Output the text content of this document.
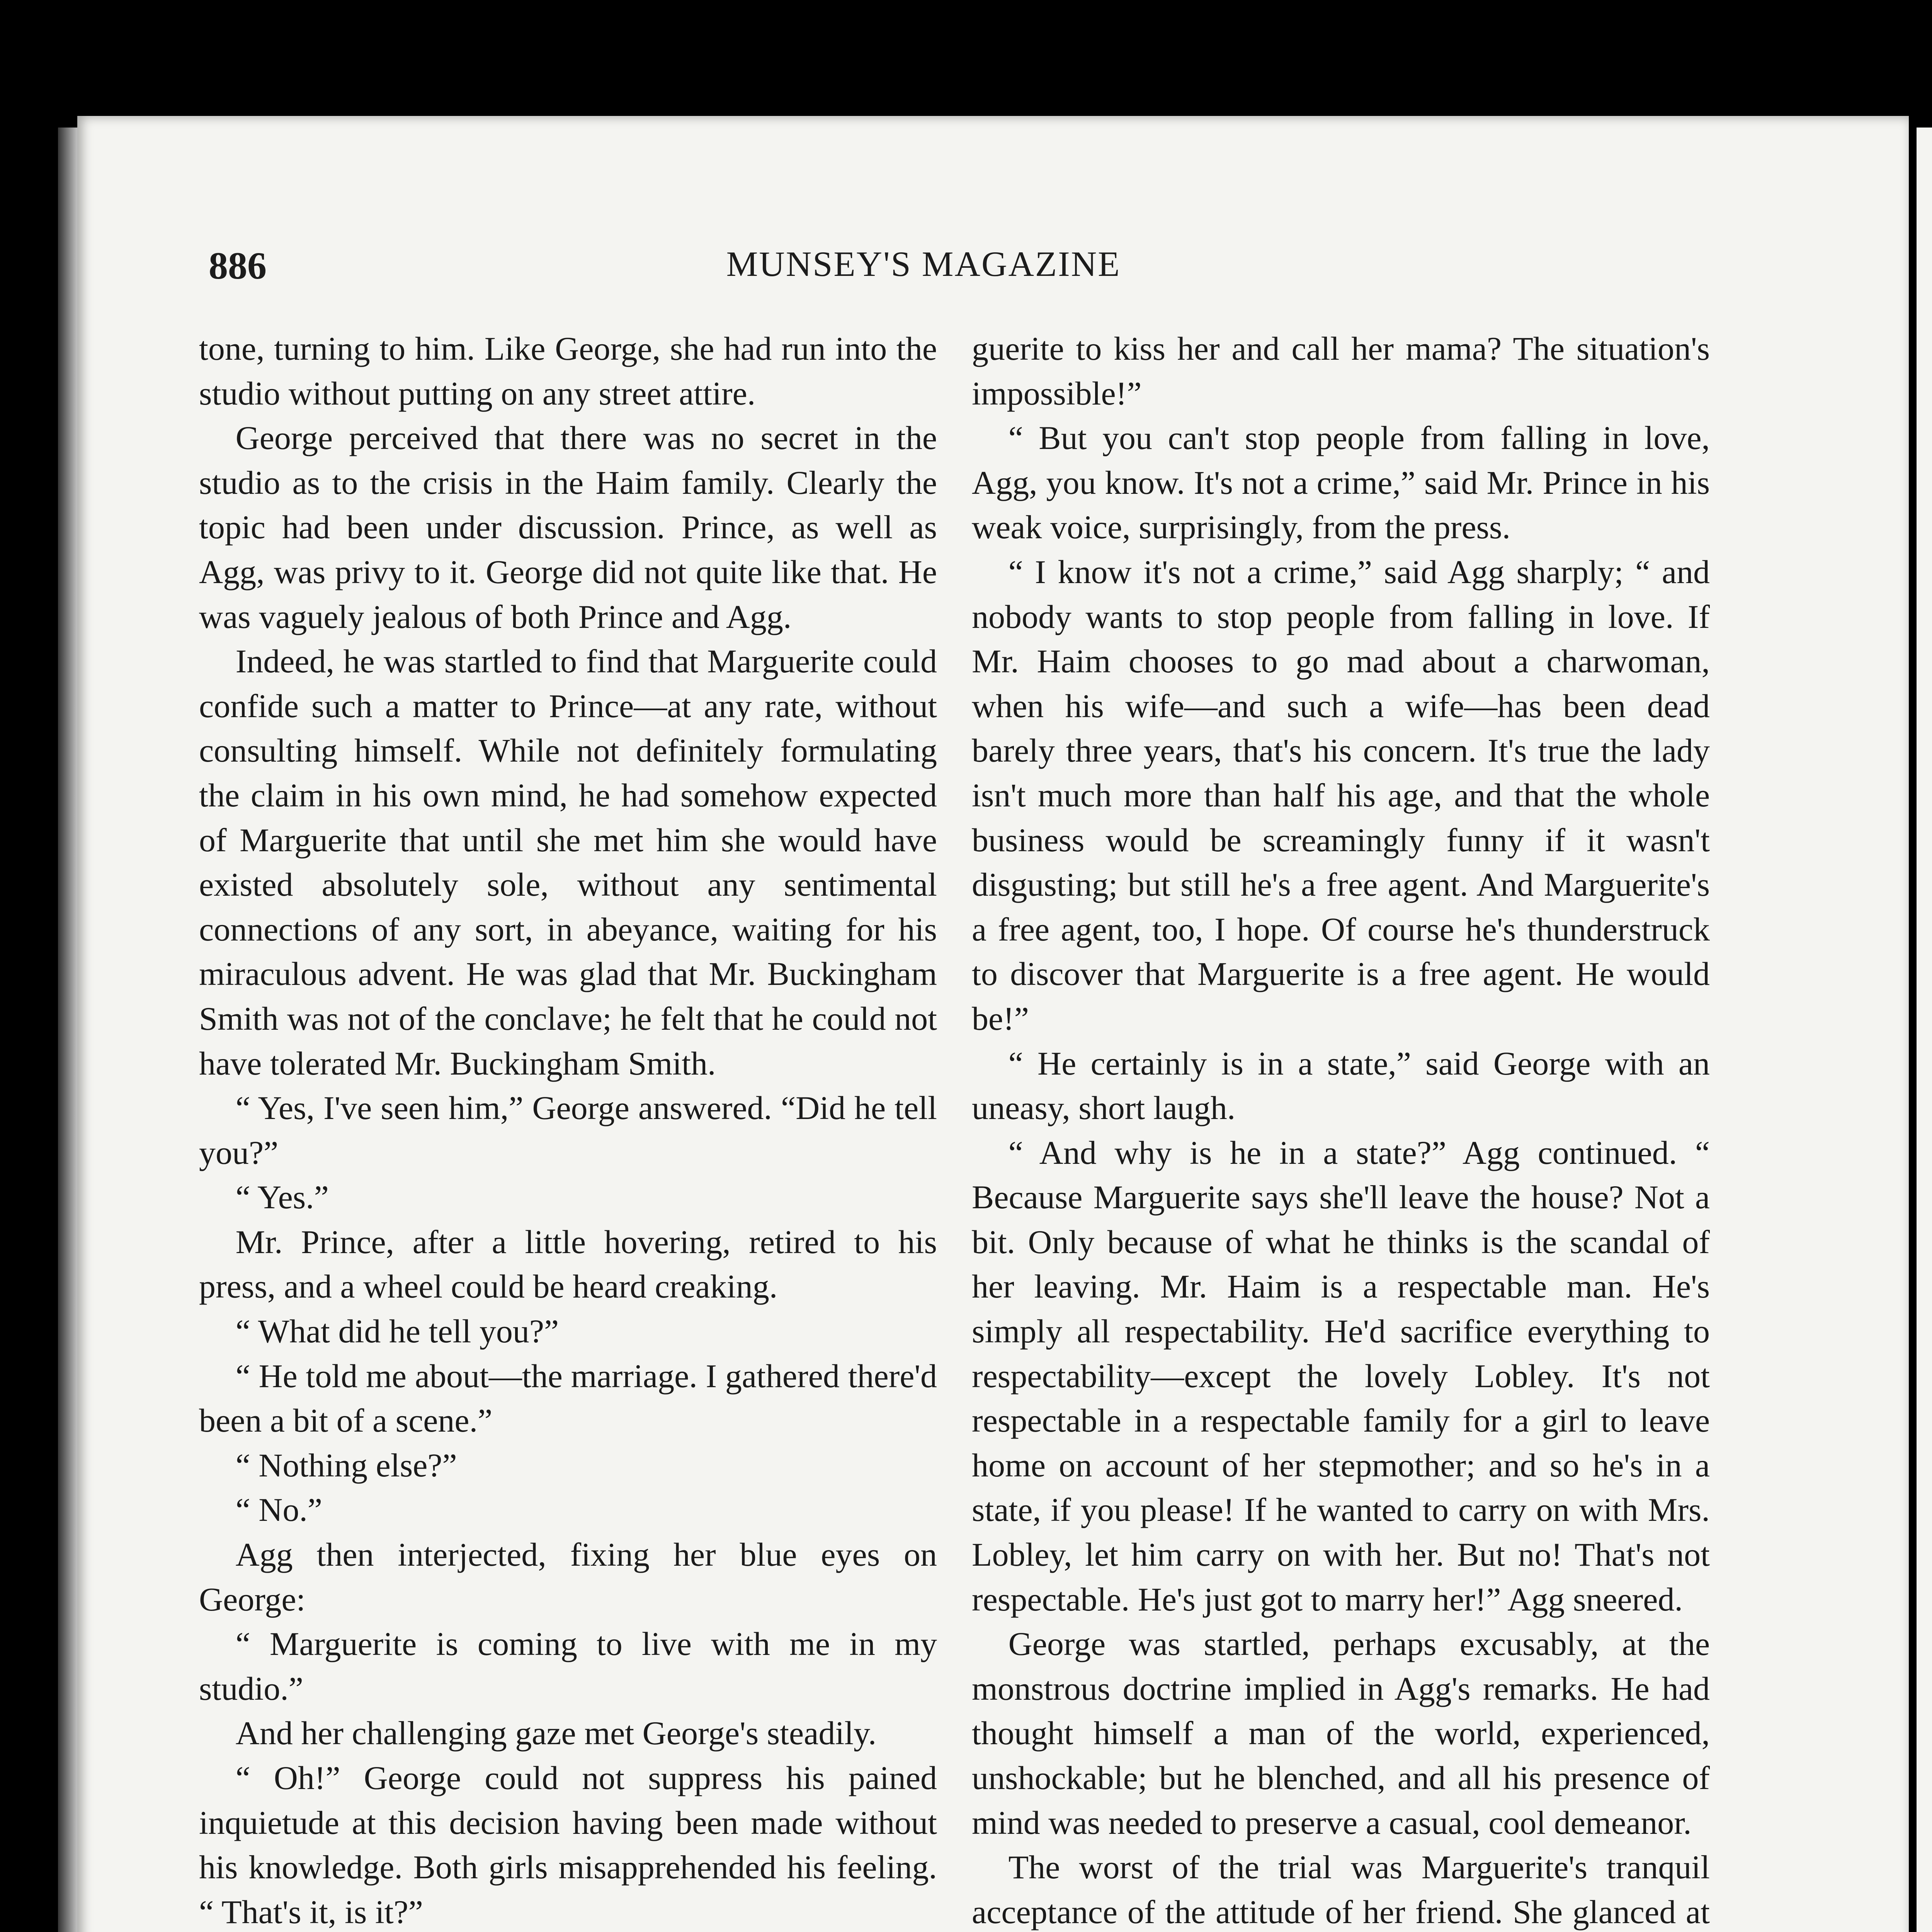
886	MUNSEY'S MAGAZINE

tone, turning to him. Like George, she had run into the studio without putting on any street attire.

George perceived that there was no secret in the studio as to the crisis in the Haim family. Clearly the topic had been under discussion. Prince, as well as Agg, was privy to it. George did not quite like that. He was vaguely jealous of both Prince and Agg.

Indeed, he was startled to find that Marguerite could confide such a matter to Prince—at any rate, without consulting himself. While not definitely formulating the claim in his own mind, he had somehow expected of Marguerite that until she met him she would have existed absolutely sole, without any sentimental connections of any sort, in abeyance, waiting for his miraculous advent. He was glad that Mr. Buckingham Smith was not of the conclave; he felt that he could not have tolerated Mr. Buckingham Smith.

“ Yes, I've seen him,” George answered. “Did he tell you?”

“ Yes.”

Mr. Prince, after a little hovering, retired to his press, and a wheel could be heard creaking.

“ What did he tell you?”

“ He told me about—the marriage. I gathered there'd been a bit of a scene.”

“ Nothing else?”

“ No.”

Agg then interjected, fixing her blue eyes on George:

“ Marguerite is coming to live with me in my studio.”

And her challenging gaze met George's steadily.

“ Oh!” George could not suppress his pained inquietude at this decision having been made without his knowledge. Both girls misapprehended his feeling. “ That's it, is it?”

guerite to kiss her and call her mama? The situation's impossible!”

“ But you can't stop people from falling in love, Agg, you know. It's not a crime,” said Mr. Prince in his weak voice, surprisingly, from the press.

“ I know it's not a crime,” said Agg sharply; “ and nobody wants to stop people from falling in love. If Mr. Haim chooses to go mad about a charwoman, when his wife—and such a wife—has been dead barely three years, that's his concern. It's true the lady isn't much more than half his age, and that the whole business would be screamingly funny if it wasn't disgusting; but still he's a free agent. And Marguerite's a free agent, too, I hope. Of course he's thunderstruck to discover that Marguerite is a free agent. He would be!”

“ He certainly is in a state,” said George with an uneasy, short laugh.

“ And why is he in a state?” Agg continued. “ Because Marguerite says she'll leave the house? Not a bit. Only because of what he thinks is the scandal of her leaving. Mr. Haim is a respectable man. He's simply all respectability. He'd sacrifice everything to respectability—except the lovely Lobley. It's not respectable in a respectable family for a girl to leave home on account of her stepmother; and so he's in a state, if you please! If he wanted to carry on with Mrs. Lobley, let him carry on with her. But no! That's not respectable. He's just got to marry her!” Agg sneered.

George was startled, perhaps excusably, at the monstrous doctrine implied in Agg's remarks. He had thought himself a man of the world, experienced, unshockable; but he blenched, and all his presence of mind was needed to preserve a casual, cool demeanor.

The worst of the trial was Marguerite's tranquil acceptance of the attitude of her friend. She glanced at
